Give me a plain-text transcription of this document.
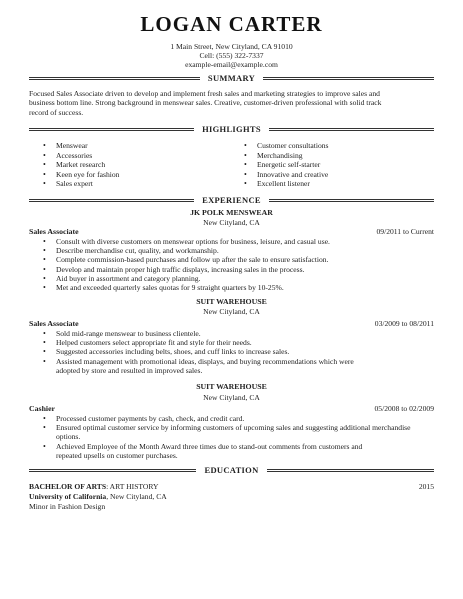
LOGAN CARTER
1 Main Street, New Cityland, CA 91010
Cell: (555) 322-7337
example-email@example.com
SUMMARY
Focused Sales Associate driven to develop and implement fresh sales and marketing strategies to improve sales and
business bottom line. Strong background in menswear sales. Creative, customer-driven professional with solid track
record of success.
HIGHLIGHTS
• Menswear
• Accessories
• Market research
• Keen eye for fashion
• Sales expert
• Customer consultations
• Merchandising
• Energetic self-starter
• Innovative and creative
• Excellent listener
EXPERIENCE
JK POLK MENSWEAR
New Cityland, CA
Sales Associate	09/2011 to Current
• Consult with diverse customers on menswear options for business, leisure, and casual use.
• Describe merchandise cut, quality, and workmanship.
• Complete commission-based purchases and follow up after the sale to ensure satisfaction.
• Develop and maintain proper high traffic displays, increasing sales in the process.
• Aid buyer in assortment and category planning.
• Met and exceeded quarterly sales quotas for 9 straight quarters by 10-25%.
SUIT WAREHOUSE
New Cityland, CA
Sales Associate	03/2009 to 08/2011
• Sold mid-range menswear to business clientele.
• Helped customers select appropriate fit and style for their needs.
• Suggested accessories including belts, shoes, and cuff links to increase sales.
• Assisted management with promotional ideas, displays, and buying recommendations which were
adopted by store and resulted in improved sales.
SUIT WAREHOUSE
New Cityland, CA
Cashier	05/2008 to 02/2009
• Processed customer payments by cash, check, and credit card.
• Ensured optimal customer service by informing customers of upcoming sales and suggesting additional merchandise
options.
• Achieved Employee of the Month Award three times due to stand-out comments from customers and
repeated upsells on customer purchases.
EDUCATION
BACHELOR OF ARTS: ART HISTORY	2015
University of California, New Cityland, CA
Minor in Fashion Design
